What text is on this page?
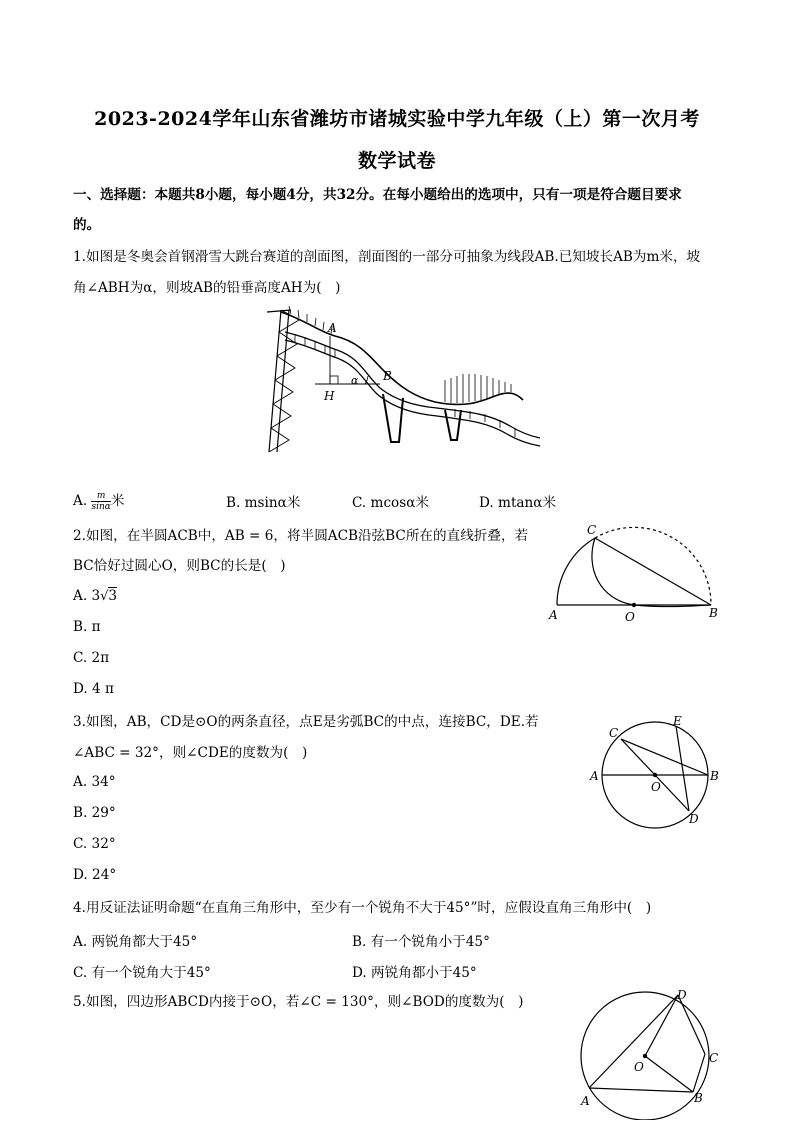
2023-2024学年山东省潍坊市诸城实验中学九年级（上）第一次月考
数学试卷
一、选择题：本题共8小题，每小题4分，共32分。在每小题给出的选项中，只有一项是符合题目要求
的。
1.如图是冬奥会首钢滑雪大跳台赛道的剖面图，剖面图的一部分可抽象为线段AB.已知坡长AB为m米，坡
角∠ABH为α，则坡AB的铅垂高度AH为(　)
A
H
α B
A. $\frac{m}{\sin\alpha}$ 米	B. msinα米	C. mcosα米	D. mtanα米
2.如图，在半圆ACB中，AB = 6，将半圆ACB沿弦BC所在的直线折叠，若
BC恰好过圆心O，则BC的长是(　)
C
A	O	B
A. 3√3
B. π
C. 2π
D. 4 π
3.如图，AB，CD是⊙O的两条直径，点E是劣弧BC的中点，连接BC，DE.若
∠ABC = 32°，则∠CDE的度数为(　)
C
E
A	B
O
D
A. 34°
B. 29°
C. 32°
D. 24°
4.用反证法证明命题“在直角三角形中，至少有一个锐角不大于45°”时，应假设直角三角形中(　)
A. 两锐角都大于45°	B. 有一个锐角小于45°
C. 有一个锐角大于45°	D. 两锐角都小于45°
5.如图，四边形ABCD内接于⊙O，若∠C = 130°，则∠BOD的度数为(　)	D
C
O
A	B
